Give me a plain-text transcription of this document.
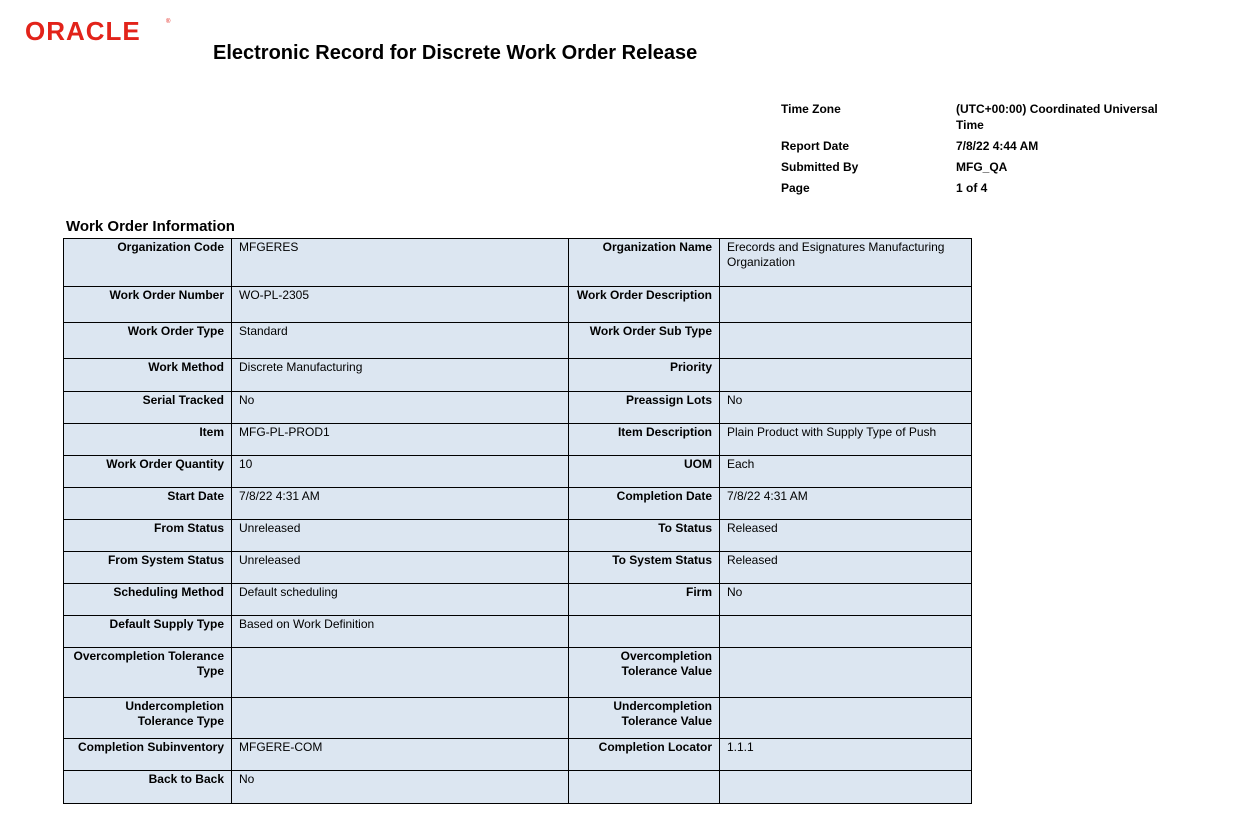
ORACLE	®
Electronic Record for Discrete Work Order Release
Time Zone	(UTC+00:00) Coordinated Universal Time
Report Date	7/8/22 4:44 AM
Submitted By	MFG_QA
Page	1 of 4
Work Order Information
Organization Code	MFGERES	Organization Name	Erecords and Esignatures Manufacturing Organization
Work Order Number	WO-PL-2305	Work Order Description	
Work Order Type	Standard	Work Order Sub Type	
Work Method	Discrete Manufacturing	Priority	
Serial Tracked	No	Preassign Lots	No
Item	MFG-PL-PROD1	Item Description	Plain Product with Supply Type of Push
Work Order Quantity	10	UOM	Each
Start Date	7/8/22 4:31 AM	Completion Date	7/8/22 4:31 AM
From Status	Unreleased	To Status	Released
From System Status	Unreleased	To System Status	Released
Scheduling Method	Default scheduling	Firm	No
Default Supply Type	Based on Work Definition		
Overcompletion Tolerance Type		Overcompletion Tolerance Value	
Undercompletion Tolerance Type		Undercompletion Tolerance Value	
Completion Subinventory	MFGERE-COM	Completion Locator	1.1.1
Back to Back	No		
